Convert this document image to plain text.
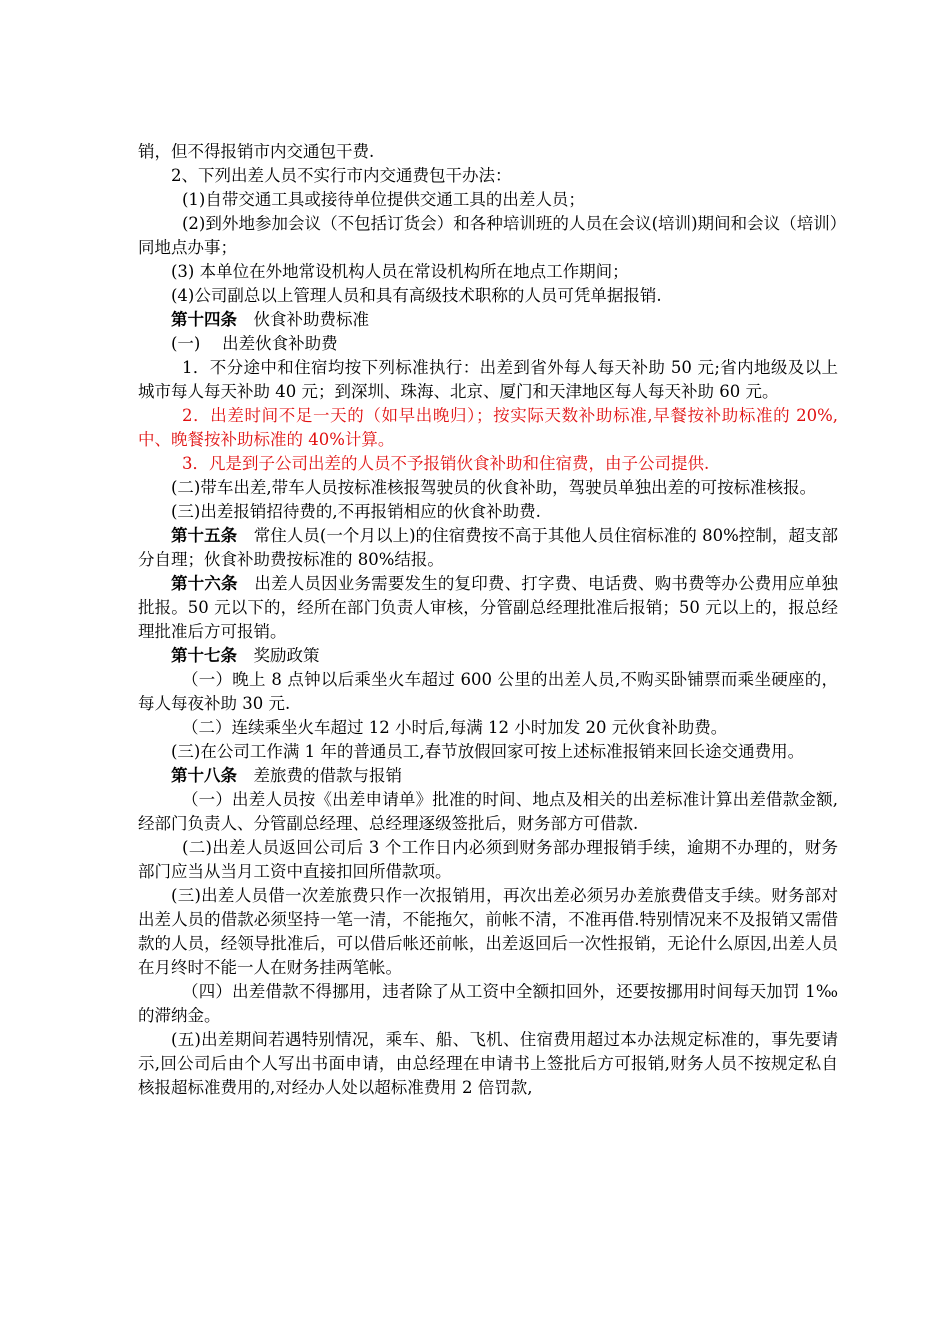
销，但不得报销市内交通包干费.

2、下列出差人员不实行市内交通费包干办法：

(1)自带交通工具或接待单位提供交通工具的出差人员；

(2)到外地参加会议（不包括订货会）和各种培训班的人员在会议(培训)期间和会议（培训）同地点办事；

(3) 本单位在外地常设机构人员在常设机构所在地点工作期间；

(4)公司副总以上管理人员和具有高级技术职称的人员可凭单据报销.

第十四条　伙食补助费标准

(一)　 出差伙食补助费

1．不分途中和住宿均按下列标准执行：出差到省外每人每天补助 50 元;省内地级及以上城市每人每天补助 40 元；到深圳、珠海、北京、厦门和天津地区每人每天补助 60 元。

2．出差时间不足一天的（如早出晚归）；按实际天数补助标准,早餐按补助标准的 20%,中、晚餐按补助标准的 40%计算。

3．凡是到子公司出差的人员不予报销伙食补助和住宿费，由子公司提供.

(二)带车出差,带车人员按标准核报驾驶员的伙食补助，驾驶员单独出差的可按标准核报。

(三)出差报销招待费的,不再报销相应的伙食补助费.

第十五条　常住人员(一个月以上)的住宿费按不高于其他人员住宿标准的 80%控制，超支部分自理；伙食补助费按标准的 80%结报。

第十六条　出差人员因业务需要发生的复印费、打字费、电话费、购书费等办公费用应单独批报。50 元以下的，经所在部门负责人审核，分管副总经理批准后报销；50 元以上的，报总经理批准后方可报销。

第十七条　奖励政策

（一）晚上 8 点钟以后乘坐火车超过 600 公里的出差人员,不购买卧铺票而乘坐硬座的，每人每夜补助 30 元.

（二）连续乘坐火车超过 12 小时后,每满 12 小时加发 20 元伙食补助费。

(三)在公司工作满 1 年的普通员工,春节放假回家可按上述标准报销来回长途交通费用。

第十八条　差旅费的借款与报销

（一）出差人员按《出差申请单》批准的时间、地点及相关的出差标准计算出差借款金额,经部门负责人、分管副总经理、总经理逐级签批后，财务部方可借款.

(二)出差人员返回公司后 3 个工作日内必须到财务部办理报销手续，逾期不办理的，财务部门应当从当月工资中直接扣回所借款项。

(三)出差人员借一次差旅费只作一次报销用，再次出差必须另办差旅费借支手续。财务部对出差人员的借款必须坚持一笔一清，不能拖欠，前帐不清，不准再借.特别情况来不及报销又需借款的人员，经领导批准后，可以借后帐还前帐，出差返回后一次性报销，无论什么原因,出差人员在月终时不能一人在财务挂两笔帐。

（四）出差借款不得挪用，违者除了从工资中全额扣回外，还要按挪用时间每天加罚 1‰的滞纳金。

(五)出差期间若遇特别情况，乘车、船、飞机、住宿费用超过本办法规定标准的，事先要请示,回公司后由个人写出书面申请，由总经理在申请书上签批后方可报销,财务人员不按规定私自核报超标准费用的,对经办人处以超标准费用 2 倍罚款,
